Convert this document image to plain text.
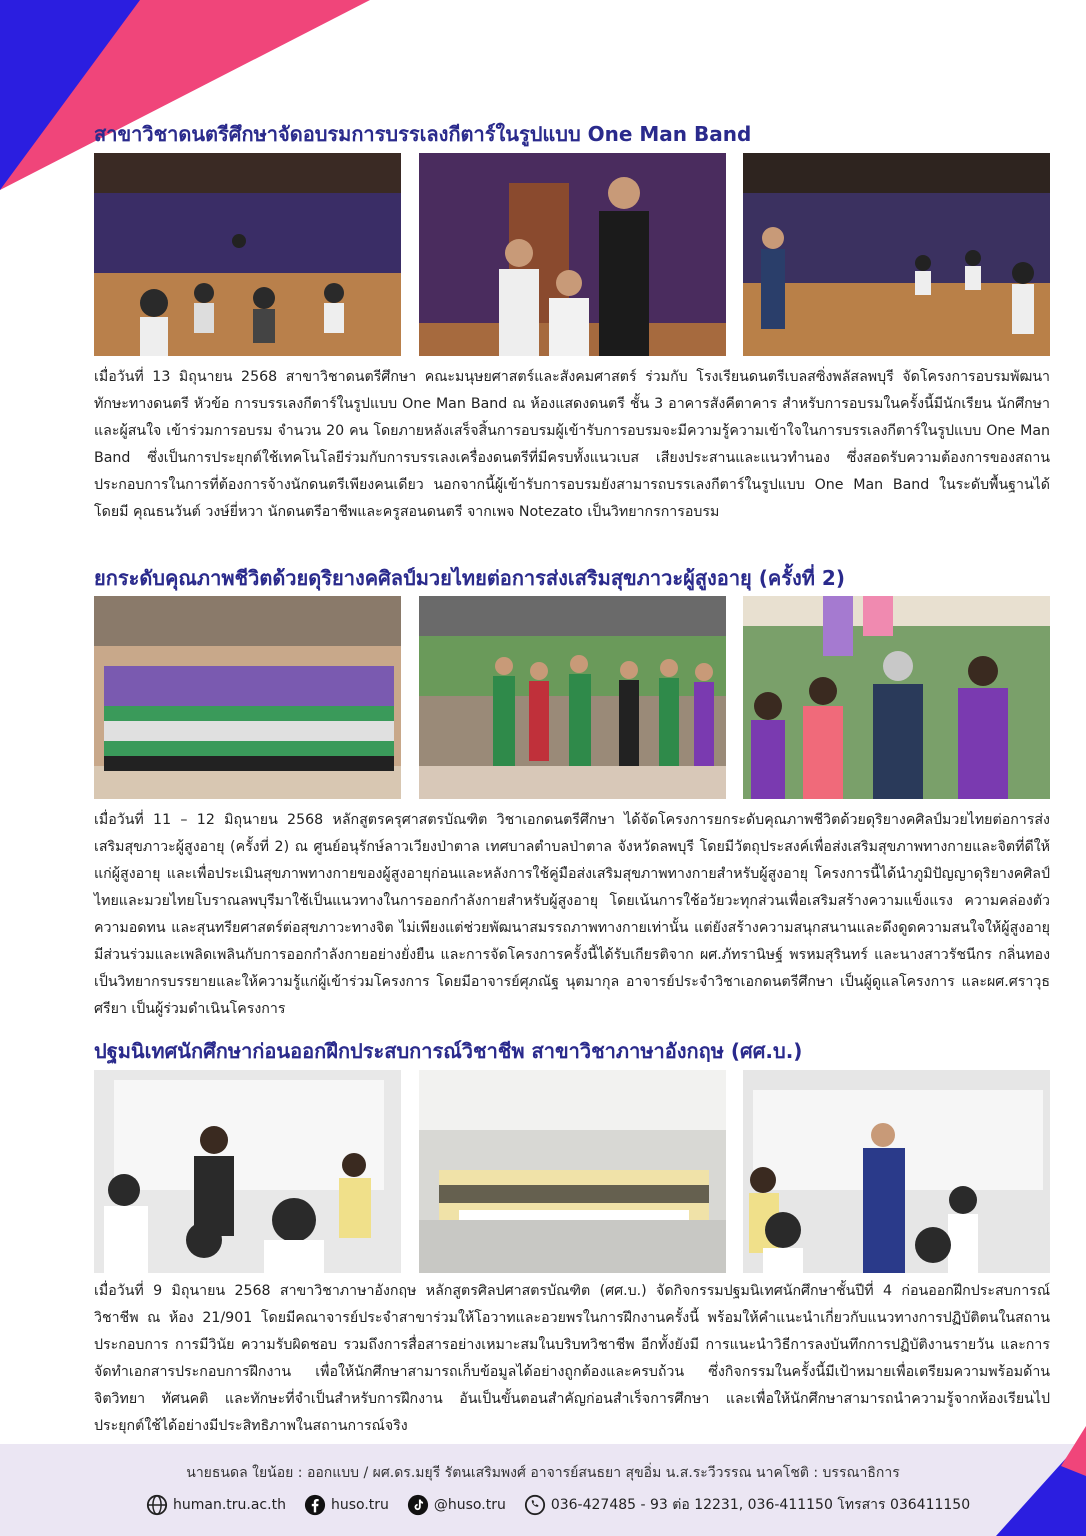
สาขาวิชาดนตรีศึกษาจัดอบรมการบรรเลงกีตาร์ในรูปแบบ One Man Band

เมื่อวันที่ 13 มิถุนายน 2568 สาขาวิชาดนตรีศึกษา คณะมนุษยศาสตร์และสังคมศาสตร์ ร่วมกับ โรงเรียนดนตรีเบลสซิ่งพลัสลพบุรี จัดโครงการอบรมพัฒนาทักษะทางดนตรี หัวข้อ การบรรเลงกีตาร์ในรูปแบบ One Man Band ณ ห้องแสดงดนตรี ชั้น 3 อาคารสังคีตาคาร สำหรับการอบรมในครั้งนี้มีนักเรียน นักศึกษา และผู้สนใจ เข้าร่วมการอบรม จำนวน 20 คน โดยภายหลังเสร็จสิ้นการอบรมผู้เข้ารับการอบรมจะมีความรู้ความเข้าใจในการบรรเลงกีตาร์ในรูปแบบ One Man Band ซึ่งเป็นการประยุกต์ใช้เทคโนโลยีร่วมกับการบรรเลงเครื่องดนตรีที่มีครบทั้งแนวเบส เสียงประสานและแนวทำนอง ซึ่งสอดรับความต้องการของสถานประกอบการในการที่ต้องการจ้างนักดนตรีเพียงคนเดียว นอกจากนี้ผู้เข้ารับการอบรมยังสามารถบรรเลงกีตาร์ในรูปแบบ One Man Band ในระดับพื้นฐานได้ โดยมี คุณธนวันต์ วงษ์ยี่หวา นักดนตรีอาชีพและครูสอนดนตรี จากเพจ Notezato เป็นวิทยากรการอบรม

ยกระดับคุณภาพชีวิตด้วยดุริยางคศิลป์มวยไทยต่อการส่งเสริมสุขภาวะผู้สูงอายุ (ครั้งที่ 2)

เมื่อวันที่ 11 – 12 มิถุนายน 2568 หลักสูตรครุศาสตรบัณฑิต วิชาเอกดนตรีศึกษา ได้จัดโครงการยกระดับคุณภาพชีวิตด้วยดุริยางคศิลป์มวยไทยต่อการส่งเสริมสุขภาวะผู้สูงอายุ (ครั้งที่ 2) ณ ศูนย์อนุรักษ์ลาวเวียงป่าตาล เทศบาลตำบลป่าตาล จังหวัดลพบุรี โดยมีวัตถุประสงค์เพื่อส่งเสริมสุขภาพทางกายและจิตที่ดีให้แก่ผู้สูงอายุ และเพื่อประเมินสุขภาพทางกายของผู้สูงอายุก่อนและหลังการใช้คู่มือส่งเสริมสุขภาพทางกายสำหรับผู้สูงอายุ โครงการนี้ได้นำภูมิปัญญาดุริยางคศิลป์ไทยและมวยไทยโบราณลพบุรีมาใช้เป็นแนวทางในการออกกำลังกายสำหรับผู้สูงอายุ โดยเน้นการใช้อวัยวะทุกส่วนเพื่อเสริมสร้างความแข็งแรง ความคล่องตัว ความอดทน และสุนทรียศาสตร์ต่อสุขภาวะทางจิต ไม่เพียงแต่ช่วยพัฒนาสมรรถภาพทางกายเท่านั้น แต่ยังสร้างความสนุกสนานและดึงดูดความสนใจให้ผู้สูงอายุมีส่วนร่วมและเพลิดเพลินกับการออกกำลังกายอย่างยั่งยืน และการจัดโครงการครั้งนี้ได้รับเกียรติจาก ผศ.ภัทรานิษฐ์ พรหมสุรินทร์ และนางสาวรัชนีกร กลิ่นทอง เป็นวิทยากรบรรยายและให้ความรู้แก่ผู้เข้าร่วมโครงการ โดยมีอาจารย์ศุภณัฐ นุตมากุล อาจารย์ประจำวิชาเอกดนตรีศึกษา เป็นผู้ดูแลโครงการ และผศ.ศราวุธ ศรียา เป็นผู้ร่วมดำเนินโครงการ

ปฐมนิเทศนักศึกษาก่อนออกฝึกประสบการณ์วิชาชีพ สาขาวิชาภาษาอังกฤษ (ศศ.บ.)

เมื่อวันที่ 9 มิถุนายน 2568 สาขาวิชาภาษาอังกฤษ หลักสูตรศิลปศาสตรบัณฑิต (ศศ.บ.) จัดกิจกรรมปฐมนิเทศนักศึกษาชั้นปีที่ 4 ก่อนออกฝึกประสบการณ์วิชาชีพ ณ ห้อง 21/901 โดยมีคณาจารย์ประจำสาขาร่วมให้โอวาทและอวยพรในการฝึกงานครั้งนี้ พร้อมให้คำแนะนำเกี่ยวกับแนวทางการปฏิบัติตนในสถานประกอบการ การมีวินัย ความรับผิดชอบ รวมถึงการสื่อสารอย่างเหมาะสมในบริบทวิชาชีพ อีกทั้งยังมี การแนะนำวิธีการลงบันทึกการปฏิบัติงานรายวัน และการจัดทำเอกสารประกอบการฝึกงาน เพื่อให้นักศึกษาสามารถเก็บข้อมูลได้อย่างถูกต้องและครบถ้วน ซึ่งกิจกรรมในครั้งนี้มีเป้าหมายเพื่อเตรียมความพร้อมด้านจิตวิทยา ทัศนคติ และทักษะที่จำเป็นสำหรับการฝึกงาน อันเป็นขั้นตอนสำคัญก่อนสำเร็จการศึกษา และเพื่อให้นักศึกษาสามารถนำความรู้จากห้องเรียนไปประยุกต์ใช้ได้อย่างมีประสิทธิภาพในสถานการณ์จริง

นายธนดล ใยน้อย : ออกแบบ / ผศ.ดร.มยุรี รัตนเสริมพงศ์ อาจารย์สนธยา สุขอิ่ม น.ส.ระวีวรรณ นาคโชติ : บรรณาธิการ
human.tru.ac.th	huso.tru	@huso.tru	036-427485 - 93 ต่อ 12231, 036-411150 โทรสาร 036411150
